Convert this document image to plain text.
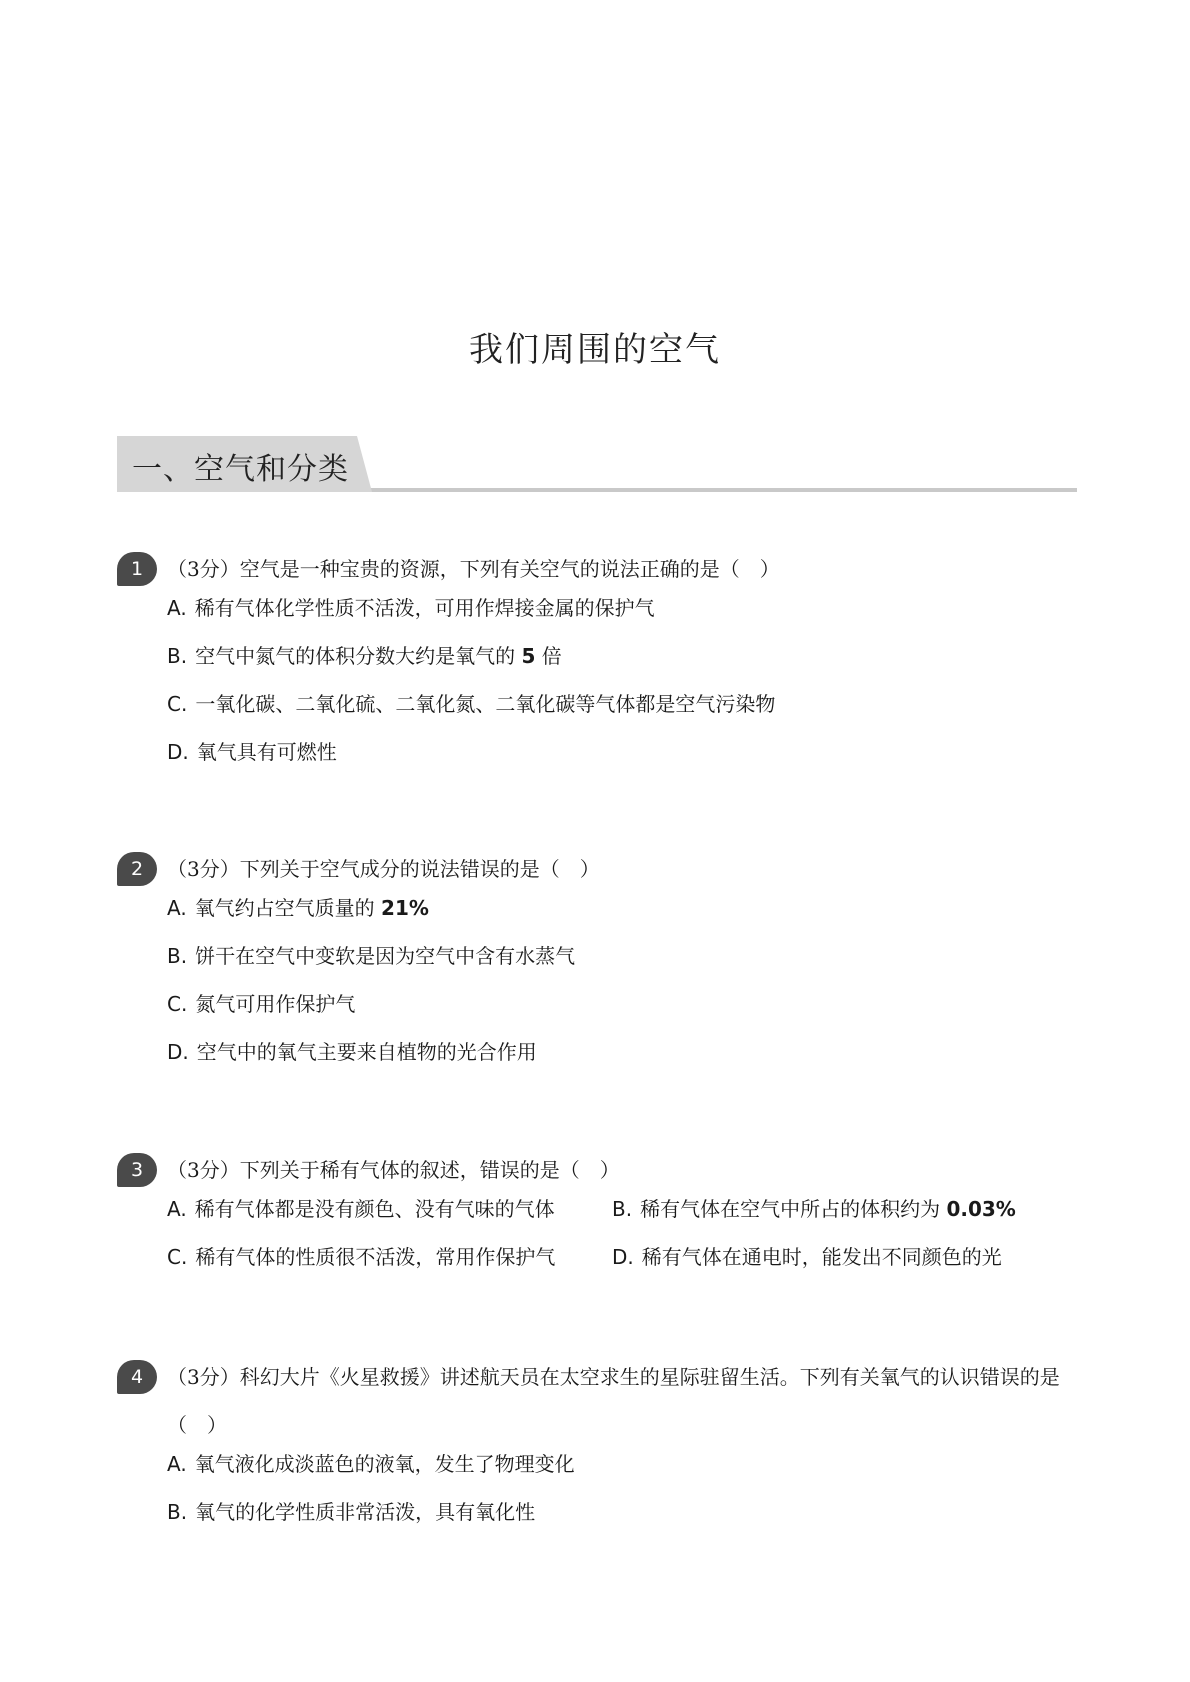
我们周围的空气
一、空气和分类
1	（3分）空气是一种宝贵的资源，下列有关空气的说法正确的是（　）
A. 稀有气体化学性质不活泼，可用作焊接金属的保护气
B. 空气中氮气的体积分数大约是氧气的 5 倍
C. 一氧化碳、二氧化硫、二氧化氮、二氧化碳等气体都是空气污染物
D. 氧气具有可燃性
2	（3分）下列关于空气成分的说法错误的是（　）
A. 氧气约占空气质量的 21%
B. 饼干在空气中变软是因为空气中含有水蒸气
C. 氮气可用作保护气
D. 空气中的氧气主要来自植物的光合作用
3	（3分）下列关于稀有气体的叙述，错误的是（　）
A. 稀有气体都是没有颜色、没有气味的气体	B. 稀有气体在空气中所占的体积约为 0.03%
C. 稀有气体的性质很不活泼，常用作保护气	D. 稀有气体在通电时，能发出不同颜色的光
4	（3分）科幻大片《火星救援》讲述航天员在太空求生的星际驻留生活。下列有关氧气的认识错误的是（　）
A. 氧气液化成淡蓝色的液氧，发生了物理变化
B. 氧气的化学性质非常活泼，具有氧化性
